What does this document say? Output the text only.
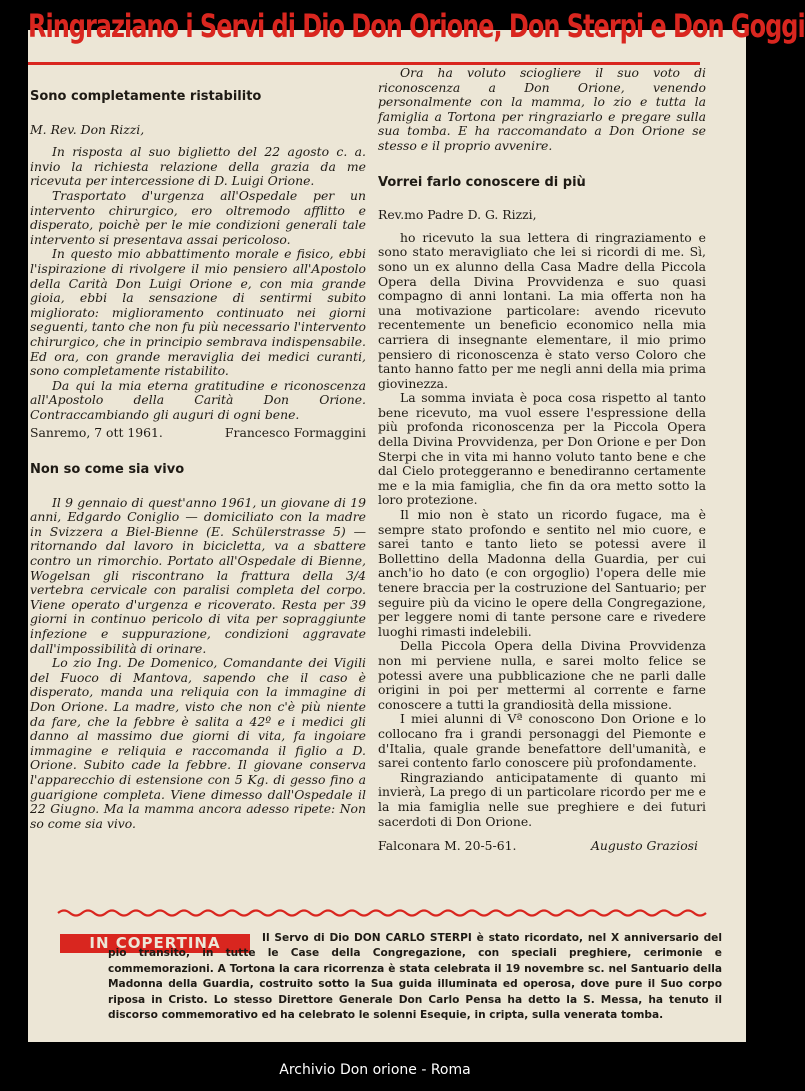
Ringraziano i Servi di Dio Don Orione, Don Sterpi e Don Goggi
Sono completamente ristabilito

M. Rev. Don Rizzi,

In risposta al suo biglietto del 22 agosto c. a. invio la richiesta relazione della grazia da me ricevuta per intercessione di D. Luigi Orione.

Trasportato d'urgenza all'Ospedale per un intervento chirurgico, ero oltremodo afflitto e disperato, poichè per le mie condizioni generali tale intervento si presentava assai pericoloso.

In questo mio abbattimento morale e fisico, ebbi l'ispirazione di rivolgere il mio pensiero all'Apostolo della Carità Don Luigi Orione e, con mia grande gioia, ebbi la sensazione di sentirmi subito migliorato: miglioramento continuato nei giorni seguenti, tanto che non fu più necessario l'intervento chirurgico, che in principio sembrava indispensabile. Ed ora, con grande meraviglia dei medici curanti, sono completamente ristabilito.

Da qui la mia eterna gratitudine e riconoscenza all'Apostolo della Carità Don Orione. Contraccambiando gli auguri di ogni bene.

Sanremo, 7 ott 1961.	Francesco Formaggini
Non so come sia vivo

Il 9 gennaio di quest'anno 1961, un giovane di 19 anni, Edgardo Coniglio — domiciliato con la madre in Svizzera a Biel-Bienne (E. Schülerstrasse 5) — ritornando dal lavoro in bicicletta, va a sbattere contro un rimorchio. Portato all'Ospedale di Bienne, Wogelsan gli riscontrano la frattura della 3/4 vertebra cervicale con paralisi completa del corpo. Viene operato d'urgenza e ricoverato. Resta per 39 giorni in continuo pericolo di vita per sopraggiunte infezione e suppurazione, condizioni aggravate dall'impossibilità di orinare.

Lo zio Ing. De Domenico, Comandante dei Vigili del Fuoco di Mantova, sapendo che il caso è disperato, manda una reliquia con la immagine di Don Orione. La madre, visto che non c'è più niente da fare, che la febbre è salita a 42º e i medici gli danno al massimo due giorni di vita, fa ingoiare immagine e reliquia e raccomanda il figlio a D. Orione. Subito cade la febbre. Il giovane conserva l'apparecchio di estensione con 5 Kg. di gesso fino a guarigione completa. Viene dimesso dall'Ospedale il 22 Giugno. Ma la mamma ancora adesso ripete: Non so come sia vivo.

Ora ha voluto sciogliere il suo voto di riconoscenza a Don Orione, venendo personalmente con la mamma, lo zio e tutta la famiglia a Tortona per ringraziarlo e pregare sulla sua tomba. E ha raccomandato a Don Orione se stesso e il proprio avvenire.

Vorrei farlo conoscere di più

Rev.mo Padre D. G. Rizzi,

ho ricevuto la sua lettera di ringraziamento e sono stato meravigliato che lei si ricordi di me. Sì, sono un ex alunno della Casa Madre della Piccola Opera della Divina Provvidenza e suo quasi compagno di anni lontani. La mia offerta non ha una motivazione particolare: avendo ricevuto recentemente un beneficio economico nella mia carriera di insegnante elementare, il mio primo pensiero di riconoscenza è stato verso Coloro che tanto hanno fatto per me negli anni della mia prima giovinezza.

La somma inviata è poca cosa rispetto al tanto bene ricevuto, ma vuol essere l'espressione della più profonda riconoscenza per la Piccola Opera della Divina Provvidenza, per Don Orione e per Don Sterpi che in vita mi hanno voluto tanto bene e che dal Cielo proteggeranno e benediranno certamente me e la mia famiglia, che fin da ora metto sotto la loro protezione.

Il mio non è stato un ricordo fugace, ma è sempre stato profondo e sentito nel mio cuore, e sarei tanto e tanto lieto se potessi avere il Bollettino della Madonna della Guardia, per cui anch'io ho dato (e con orgoglio) l'opera delle mie tenere braccia per la costruzione del Santuario; per seguire più da vicino le opere della Congregazione, per leggere nomi di tante persone care e rivedere luoghi rimasti indelebili.

Della Piccola Opera della Divina Provvidenza non mi perviene nulla, e sarei molto felice se potessi avere una pubblicazione che ne parli dalle origini in poi per mettermi al corrente e farne conoscere a tutti la grandiosità della missione.

I miei alunni di Vª conoscono Don Orione e lo collocano fra i grandi personaggi del Piemonte e d'Italia, quale grande benefattore dell'umanità, e sarei contento farlo conoscere più profondamente.

Ringraziando anticipatamente di quanto mi invierà, La prego di un particolare ricordo per me e la mia famiglia nelle sue preghiere e dei futuri sacerdoti di Don Orione.

Falconara M. 20-5-61.	Augusto Graziosi
IN COPERTINA	Il Servo di Dio DON CARLO STERPI è stato ricordato, nel X anniversario del pio transito, in tutte le Case della Congregazione, con speciali preghiere, cerimonie e commemorazioni. A Tortona la cara ricorrenza è stata celebrata il 19 novembre sc. nel Santuario della Madonna della Guardia, costruito sotto la Sua guida illuminata ed operosa, dove pure il Suo corpo riposa in Cristo. Lo stesso Direttore Generale Don Carlo Pensa ha detto la S. Messa, ha tenuto il discorso commemorativo ed ha celebrato le solenni Esequie, in cripta, sulla venerata tomba.

Archivio Don orione - Roma
